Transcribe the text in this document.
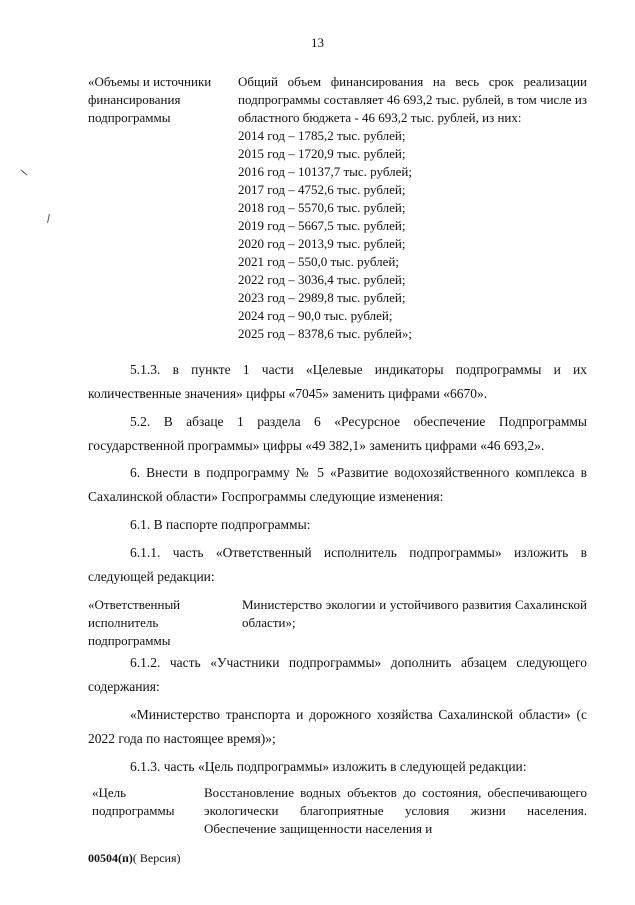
13
«Объемы и источники финансирования подпрограммы
Общий объем финансирования на весь срок реализации подпрограммы составляет 46 693,2 тыс. рублей, в том числе из областного бюджета - 46 693,2 тыс. рублей, из них:
2014 год – 1785,2 тыс. рублей;
2015 год – 1720,9 тыс. рублей;
2016 год – 10137,7 тыс. рублей;
2017 год – 4752,6 тыс. рублей;
2018 год – 5570,6 тыс. рублей;
2019 год – 5667,5 тыс. рублей;
2020 год – 2013,9 тыс. рублей;
2021 год – 550,0 тыс. рублей;
2022 год – 3036,4 тыс. рублей;
2023 год – 2989,8 тыс. рублей;
2024 год – 90,0 тыс. рублей;
2025 год – 8378,6 тыс. рублей»;
5.1.3. в пункте 1 части «Целевые индикаторы подпрограммы и их количественные значения» цифры «7045» заменить цифрами «6670».
5.2. В абзаце 1 раздела 6 «Ресурсное обеспечение Подпрограммы государственной программы» цифры «49 382,1» заменить цифрами «46 693,2».
6. Внести в подпрограмму № 5 «Развитие водохозяйственного комплекса в Сахалинской области» Госпрограммы следующие изменения:
6.1. В паспорте подпрограммы:
6.1.1. часть «Ответственный исполнитель подпрограммы» изложить в следующей редакции:
«Ответственный исполнитель подпрограммы
Министерство экологии и устойчивого развития Сахалинской области»;
6.1.2. часть «Участники подпрограммы» дополнить абзацем следующего содержания:
«Министерство транспорта и дорожного хозяйства Сахалинской области» (с 2022 года по настоящее время)»;
6.1.3. часть «Цель подпрограммы» изложить в следующей редакции:
«Цель подпрограммы
Восстановление водных объектов до состояния, обеспечивающего экологически благоприятные условия жизни населения. Обеспечение защищенности населения и
00504(п)( Версия)
